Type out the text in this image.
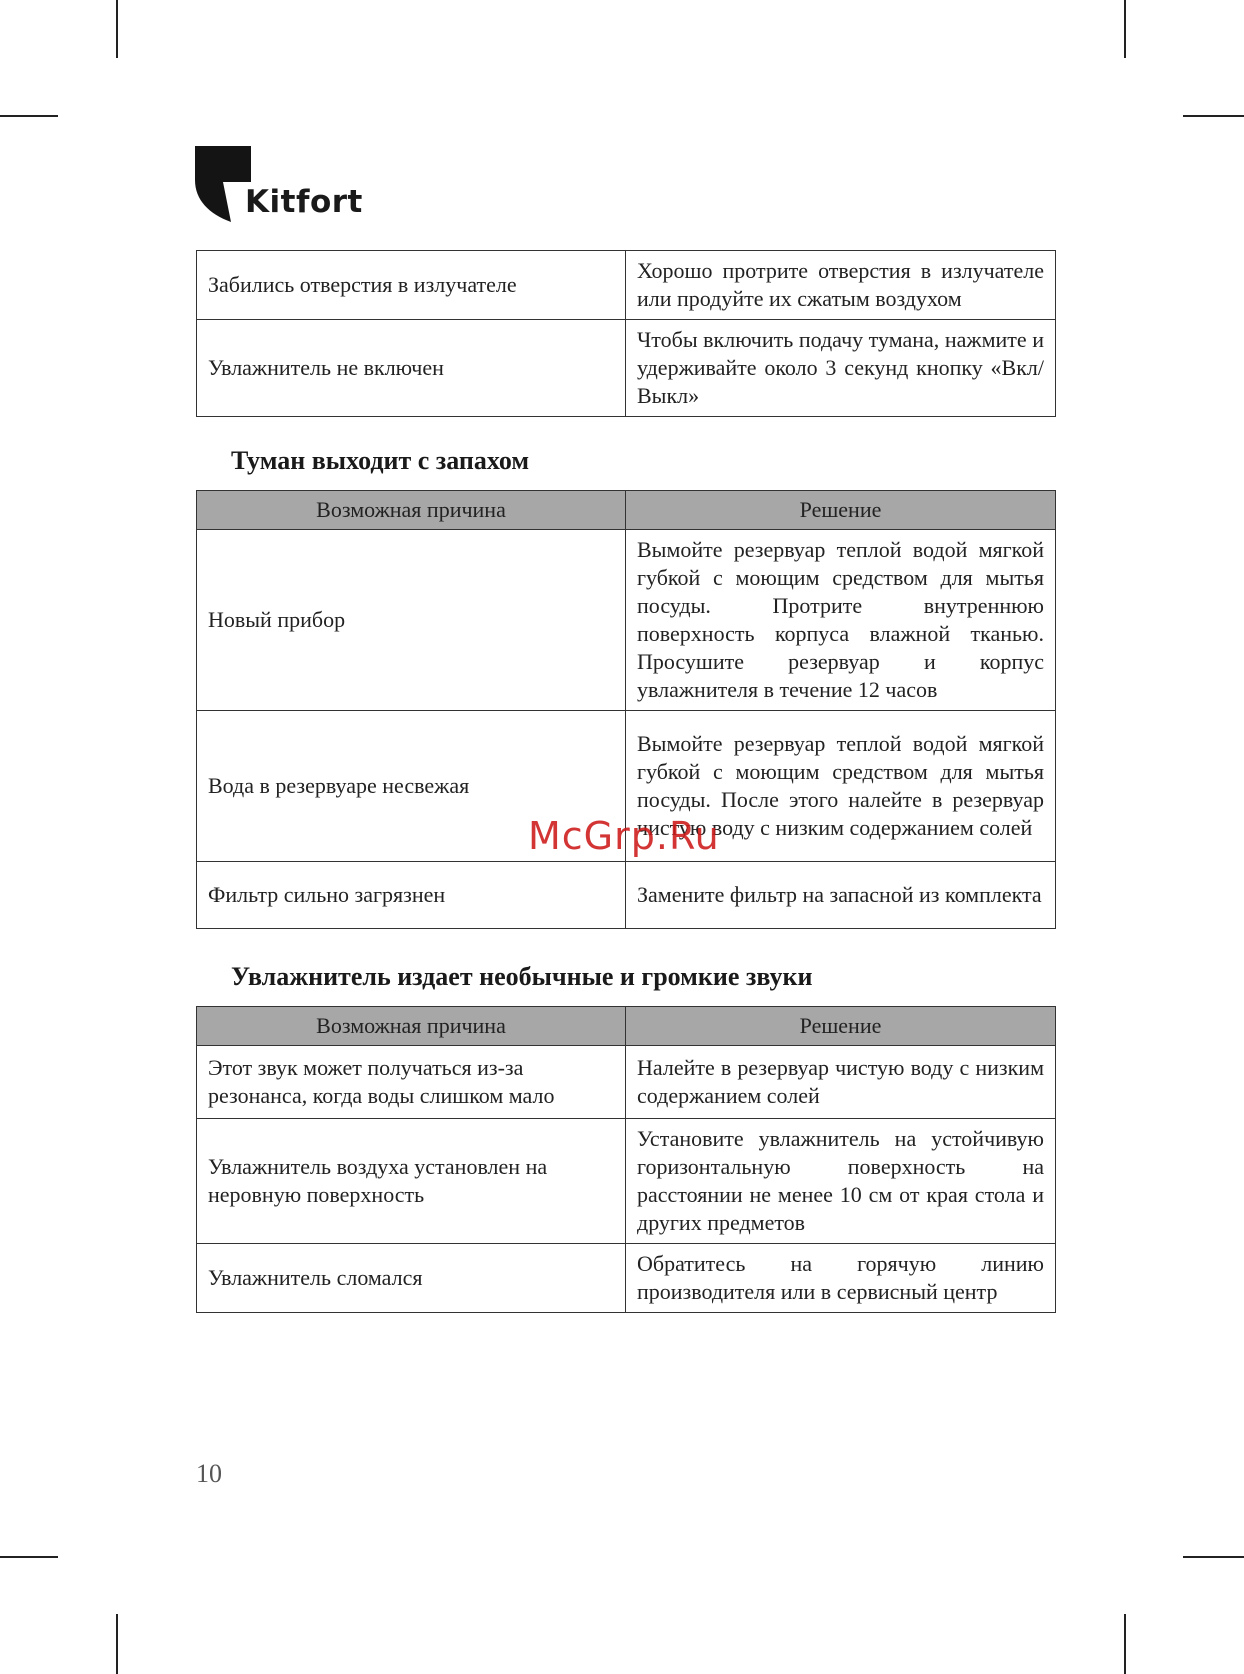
Kitfort
Забились отверстия в излучателе	Хорошо протрите отверстия в излучателе или продуйте их сжатым воздухом
Увлажнитель не включен	Чтобы включить подачу тумана, нажмите и удерживайте около 3 секунд кнопку «Вкл/Выкл»
Туман выходит с запахом
Возможная причина	Решение
Новый прибор	Вымойте резервуар теплой водой мягкой губкой с моющим средством для мытья посуды. Протрите внутреннюю поверхность корпуса влажной тканью. Просушите резервуар и корпус увлажнителя в течение 12 часов
Вода в резервуаре несвежая	Вымойте резервуар теплой водой мягкой губкой с моющим средством для мытья посуды. После этого налейте в резервуар чистую воду с низким содержанием солей
Фильтр сильно загрязнен	Замените фильтр на запасной из комплекта
Увлажнитель издает необычные и громкие звуки
Возможная причина	Решение
Этот звук может получаться из-за резонанса, когда воды слишком мало	Налейте в резервуар чистую воду с низким содержанием солей
Увлажнитель воздуха установлен на неровную поверхность	Установите увлажнитель на устойчивую горизонтальную поверхность на расстоянии не менее 10 см от края стола и других предметов
Увлажнитель сломался	Обратитесь на горячую линию производителя или в сервисный центр
McGrp.Ru
10
